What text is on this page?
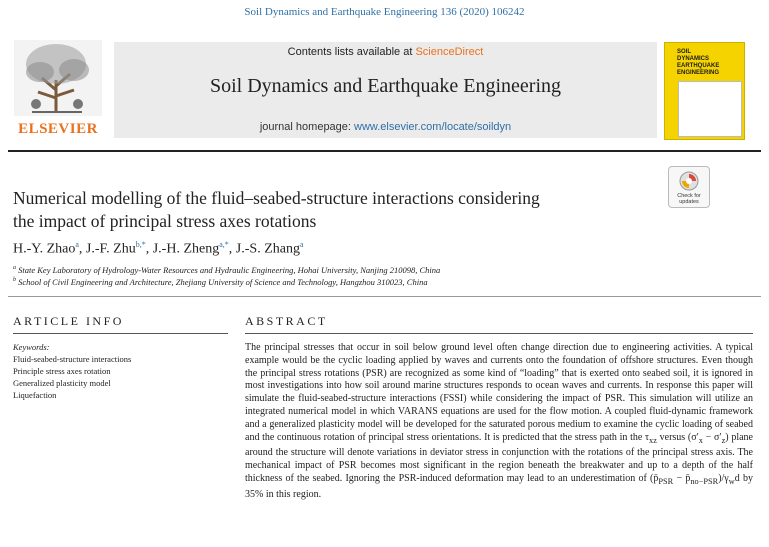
Soil Dynamics and Earthquake Engineering 136 (2020) 106242
ELSEVIER
Contents lists available at ScienceDirect
Soil Dynamics and Earthquake Engineering
journal homepage: www.elsevier.com/locate/soildyn
SOIL
DYNAMICS
EARTHQUAKE
ENGINEERING
Check for
updates
Numerical modelling of the fluid–seabed-structure interactions considering
the impact of principal stress axes rotations
H.-Y. Zhao$^a$, J.-F. Zhu$^{b,*}$, J.-H. Zheng$^{a,*}$, J.-S. Zhang$^a$
$^a$ State Key Laboratory of Hydrology-Water Resources and Hydraulic Engineering, Hohai University, Nanjing 210098, China
$^b$ School of Civil Engineering and Architecture, Zhejiang University of Science and Technology, Hangzhou 310023, China
ARTICLE INFO	ABSTRACT
Keywords:
Fluid-seabed-structure interactions
Principle stress axes rotation
Generalized plasticity model
Liquefaction
The principal stresses that occur in soil below ground level often change direction due to engineering activities. A typical example would be the cyclic loading applied by waves and currents onto the foundation of offshore structures. Even though the principal stress rotations (PSR) are recognized as some kind of “loading” that is exerted onto seabed soil, it is ignored in most investigations into how soil around marine structures responds to ocean waves and currents. In response this paper will simulate the fluid-seabed-structure interactions (FSSI) while considering the impact of PSR. This simulation will utilize an integrated numerical model in which VARANS equations are used for the flow motion. A coupled fluid-dynamic framework and a generalized plasticity model will be developed for the saturated porous medium to examine the cyclic loading of seabed and the continuous rotation of principal stress orientations. It is predicted that the stress path in the $\tau_{xz}$ versus $(\sigma'_x - \sigma'_z)$ plane around the structure will denote variations in deviator stress in conjunction with the rotations of the principal stress axis. The mechanical impact of PSR becomes most significant in the region beneath the breakwater and up to a depth of the half thickness of the seabed. Ignoring the PSR-induced deformation may lead to an underestimation of ($p̄_{PSR}$ − $p̄_{no-PSR})/\gamma_wd$ by 35% in this region.
